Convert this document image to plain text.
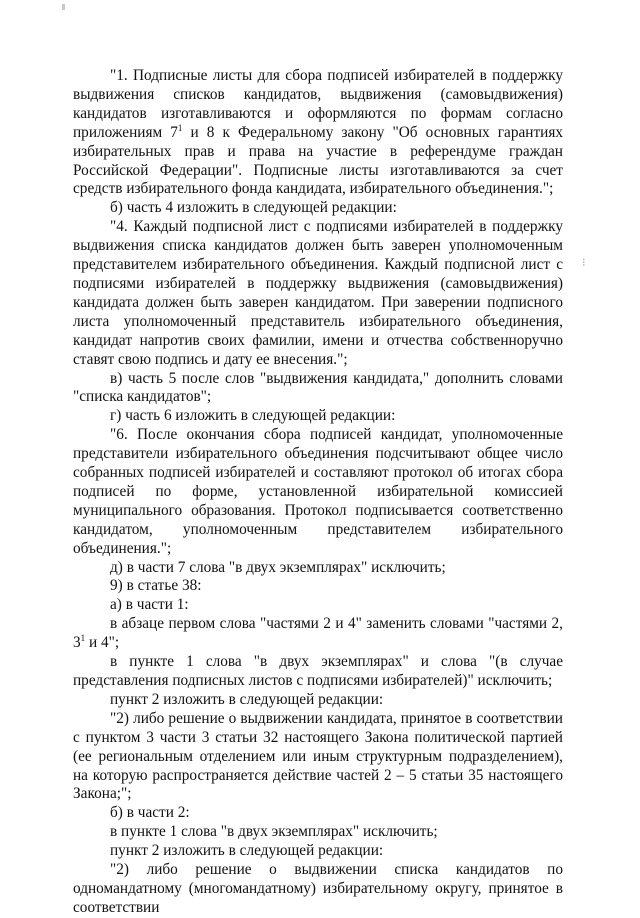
⁝

"1. Подписные листы для сбора подписей избирателей в поддержку выдвижения списков кандидатов, выдвижения (самовыдвижения) кандидатов изготавливаются и оформляются по формам согласно приложениям $7^1$ и 8 к Федеральному закону "Об основных гарантиях избирательных прав и права на участие в референдуме граждан Российской Федерации". Подписные листы изготавливаются за счет средств избирательного фонда кандидата, избирательного объединения.";

б) часть 4 изложить в следующей редакции:

"4. Каждый подписной лист с подписями избирателей в поддержку выдвижения списка кандидатов должен быть заверен уполномоченным представителем избирательного объединения. Каждый подписной лист с подписями избирателей в поддержку выдвижения (самовыдвижения) кандидата должен быть заверен кандидатом. При заверении подписного листа уполномоченный представитель избирательного объединения, кандидат напротив своих фамилии, имени и отчества собственноручно ставят свою подпись и дату ее внесения.";

в) часть 5 после слов "выдвижения кандидата," дополнить словами "списка кандидатов";

г) часть 6 изложить в следующей редакции:

"6. После окончания сбора подписей кандидат, уполномоченные представители избирательного объединения подсчитывают общее число собранных подписей избирателей и составляют протокол об итогах сбора подписей по форме, установленной избирательной комиссией муниципального образования. Протокол подписывается соответственно кандидатом, уполномоченным представителем избирательного объединения.";

д) в части 7 слова "в двух экземплярах" исключить;

9) в статье 38:

а) в части 1:

в абзаце первом слова "частями 2 и 4" заменить словами "частями 2, $3^1$ и 4";

в пункте 1 слова "в двух экземплярах" и слова "(в случае представления подписных листов с подписями избирателей)" исключить;

пункт 2 изложить в следующей редакции:

"2) либо решение о выдвижении кандидата, принятое в соответствии с пунктом 3 части 3 статьи 32 настоящего Закона политической партией (ее региональным отделением или иным структурным подразделением), на которую распространяется действие частей 2 – 5 статьи 35 настоящего Закона;";

б) в части 2:

в пункте 1 слова "в двух экземплярах" исключить;

пункт 2 изложить в следующей редакции:

"2) либо решение о выдвижении списка кандидатов по одномандатному (многомандатному) избирательному округу, принятое в соответствии
